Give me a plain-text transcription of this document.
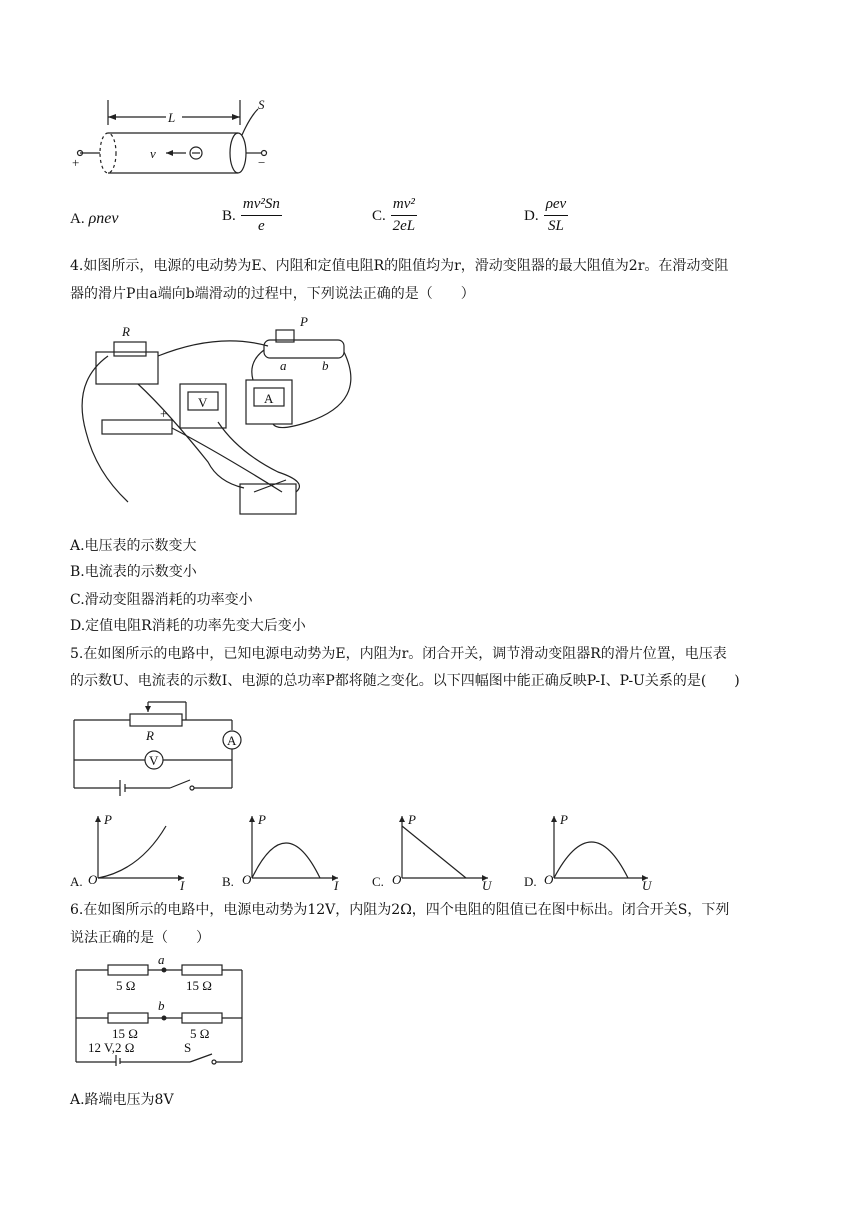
L
S
v
+	−
A. ρnev	B. $\frac{\text{mv²Sn}}{e}$	C. $\frac{\text{mv²}}{2eL}$	D. $\frac{\text{ρev}}{SL}$
4.如图所示，电源的电动势为E、内阻和定值电阻R的阻值均为r，滑动变阻器的最大阻值为2r。在滑动变阻
器的滑片P由a端向b端滑动的过程中，下列说法正确的是（　　）
R
P
a	b
V	A
+
A.电压表的示数变大
B.电流表的示数变小
C.滑动变阻器消耗的功率变小
D.定值电阻R消耗的功率先变大后变小
5.在如图所示的电路中，已知电源电动势为E，内阻为r。闭合开关，调节滑动变阻器R的滑片位置，电压表
的示数U、电流表的示数I、电源的总功率P都将随之变化。以下四幅图中能正确反映P-I、P-U关系的是(　　)
R	A
V
A.
P
I
O	B.
P
I
O	C.
P
U
O	D.
P
U
O
6.在如图所示的电路中，电源电动势为12V，内阻为2Ω，四个电阻的阻值已在图中标出。闭合开关S，下列
说法正确的是（　　）
a
5 Ω	15 Ω
b
15 Ω	5 Ω
12 V,2 Ω	S
A.路端电压为8V
